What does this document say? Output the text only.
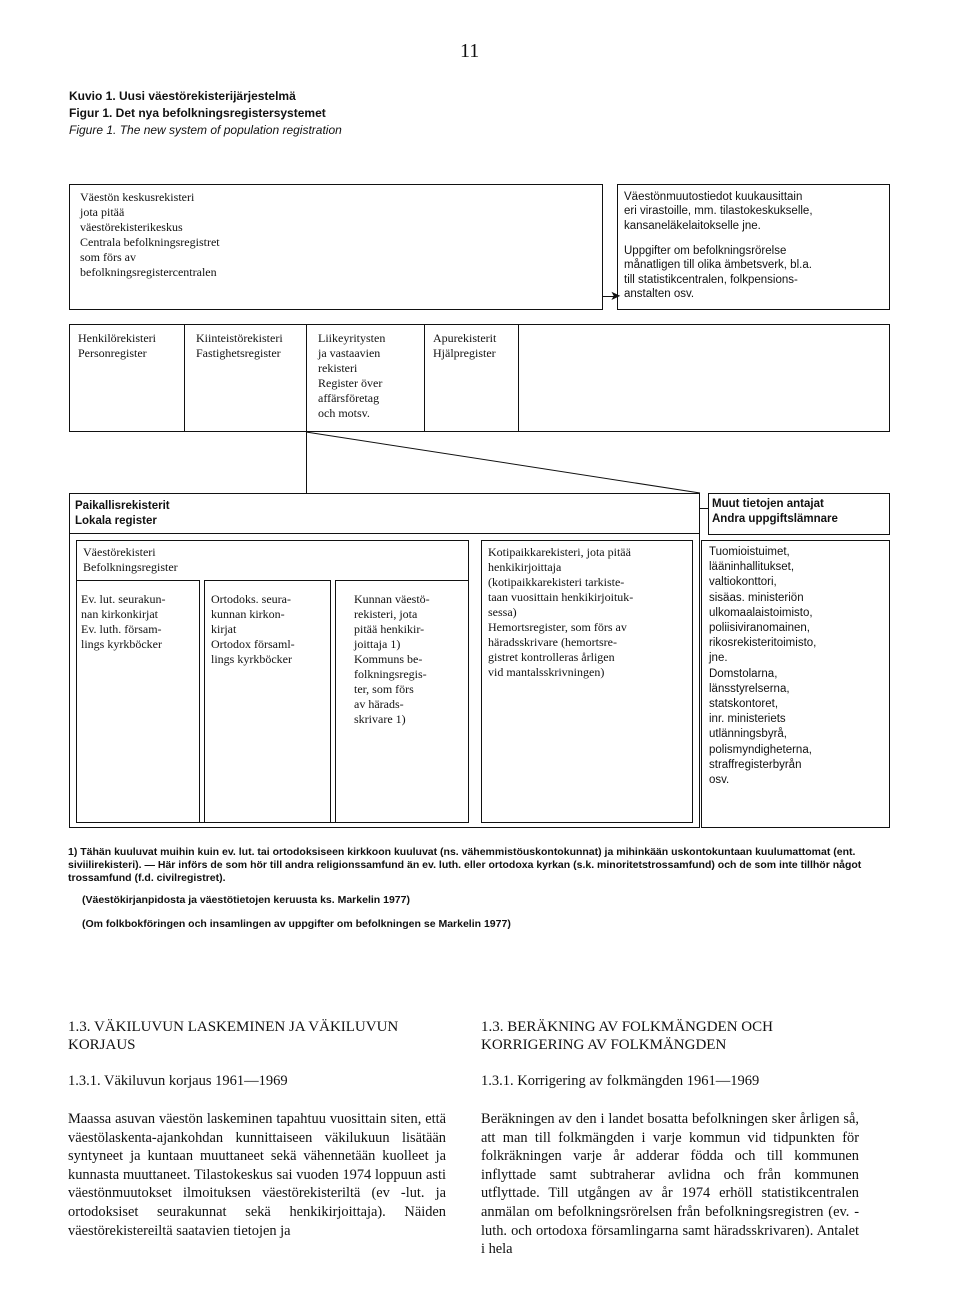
11
Kuvio 1. Uusi väestörekisterijärjestelmä
Figur 1. Det nya befolkningsregistersystemet
Figure 1. The new system of population registration
Väestön keskusrekisteri
jota pitää
väestörekisterikeskus
Centrala befolkningsregistret
som förs av
befolkningsregistercentralen
➤
Väestönmuutostiedot kuukausittain
eri virastoille, mm. tilastokeskukselle,
kansaneläkelaitokselle jne.
Uppgifter om befolkningsrörelse
månatligen till olika ämbetsverk, bl.a.
till statistikcentralen, folkpensions-
anstalten osv.
Henkilörekisteri
Personregister
Kiinteistörekisteri
Fastighetsregister
Liikeyritysten
ja vastaavien
rekisteri
Register över
affärsföretag
och motsv.
Apurekisterit
Hjälpregister
Paikallisrekisterit
Lokala register
Väestörekisteri
Befolkningsregister
Ev. lut. seurakun-
nan kirkonkirjat
Ev. luth. försam-
lings kyrkböcker
Ortodoks. seura-
kunnan kirkon-
kirjat
Ortodox församl-
lings kyrkböcker
Kunnan väestö-
rekisteri, jota
pitää henkikir-
joittaja 1)
Kommuns be-
folkningsregis-
ter, som förs
av härads-
skrivare 1)
Kotipaikkarekisteri, jota pitää
henkikirjoittaja
(kotipaikkarekisteri tarkiste-
taan vuosittain henkikirjoituk-
sessa)
Hemortsregister, som förs av
häradsskrivare (hemortsre-
gistret kontrolleras årligen
vid mantalsskrivningen)
Muut tietojen antajat
Andra uppgiftslämnare
Tuomioistuimet,
lääninhallitukset,
valtiokonttori,
sisäas. ministeriön
ulkomaalaistoimisto,
poliisiviranomainen,
rikosrekisteritoimisto,
jne.
Domstolarna,
länsstyrelserna,
statskontoret,
inr. ministeriets
utlänningsbyrå,
polismyndigheterna,
straffregisterbyrån
osv.
1) Tähän kuuluvat muihin kuin ev. lut. tai ortodoksiseen kirkkoon kuuluvat (ns. vähemmistöuskontokunnat) ja mihinkään uskontokuntaan kuulumattomat (ent. siviilirekisteri). — Här införs de som hör till andra religionssamfund än ev. luth. eller ortodoxa kyrkan (s.k. minoritetstrossamfund) och de som inte tillhör något trossamfund (f.d. civilregistret).
(Väestökirjanpidosta ja väestötietojen keruusta ks. Markelin 1977)
(Om folkbokföringen och insamlingen av uppgifter om befolkningen se Markelin 1977)
1.3. VÄKILUVUN LASKEMINEN JA VÄKILUVUN KORJAUS
1.3. BERÄKNING AV FOLKMÄNGDEN OCH KORRIGERING AV FOLKMÄNGDEN
1.3.1. Väkiluvun korjaus 1961—1969	1.3.1. Korrigering av folkmängden 1961—1969
Maassa asuvan väestön laskeminen tapahtuu vuosittain siten, että väestölaskenta-ajankohdan kunnittaiseen väkilukuun lisätään syntyneet ja kuntaan muuttaneet sekä vähennetään kuolleet ja kunnasta muuttaneet. Tilastokeskus sai vuoden 1974 loppuun asti väestönmuutokset ilmoituksen väestörekisteriltä (ev -lut. ja ortodoksiset seurakunnat sekä henkikirjoittaja). Näiden väestörekistereiltä saatavien tietojen ja
Beräkningen av den i landet bosatta befolkningen sker årligen så, att man till folkmängden i varje kommun vid tidpunkten för folkräkningen varje år adderar födda och till kommunen inflyttade samt subtraherar avlidna och från kommunen utflyttade. Till utgången av år 1974 erhöll statistikcentralen anmälan om befolkningsrörelsen från befolkningsregistren (ev. -luth. och ortodoxa församlingarna samt häradsskrivaren). Antalet i hela
